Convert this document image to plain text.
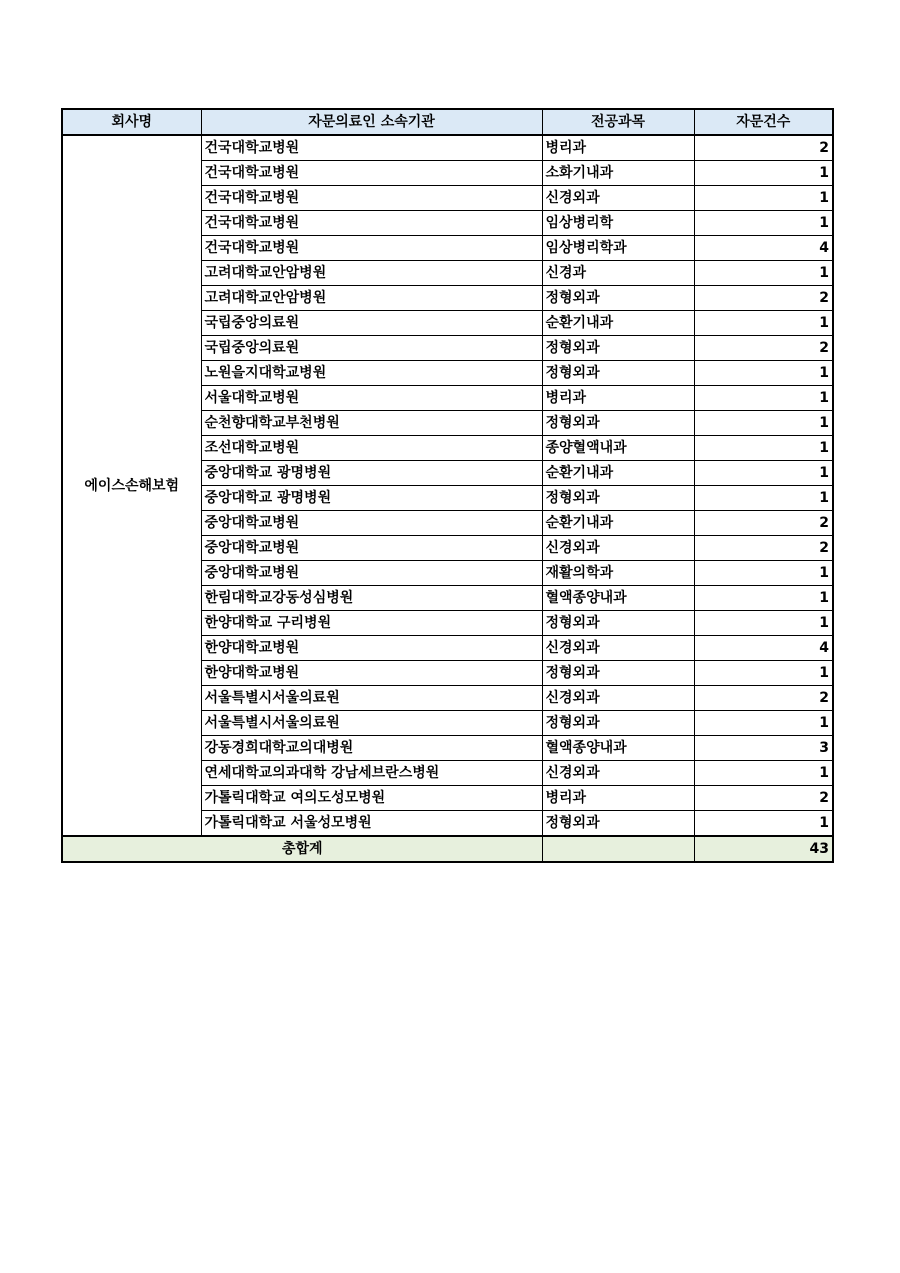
회사명	자문의료인 소속기관	전공과목	자문건수
에이스손해보험	건국대학교병원	병리과	2
	건국대학교병원	소화기내과	1
	건국대학교병원	신경외과	1
	건국대학교병원	임상병리학	1
	건국대학교병원	임상병리학과	4
	고려대학교안암병원	신경과	1
	고려대학교안암병원	정형외과	2
	국립중앙의료원	순환기내과	1
	국립중앙의료원	정형외과	2
	노원을지대학교병원	정형외과	1
	서울대학교병원	병리과	1
	순천향대학교부천병원	정형외과	1
	조선대학교병원	종양혈액내과	1
	중앙대학교 광명병원	순환기내과	1
	중앙대학교 광명병원	정형외과	1
	중앙대학교병원	순환기내과	2
	중앙대학교병원	신경외과	2
	중앙대학교병원	재활의학과	1
	한림대학교강동성심병원	혈액종양내과	1
	한양대학교 구리병원	정형외과	1
	한양대학교병원	신경외과	4
	한양대학교병원	정형외과	1
	서울특별시서울의료원	신경외과	2
	서울특별시서울의료원	정형외과	1
	강동경희대학교의대병원	혈액종양내과	3
	연세대학교의과대학 강남세브란스병원	신경외과	1
	가톨릭대학교 여의도성모병원	병리과	2
	가톨릭대학교 서울성모병원	정형외과	1
총합계			43
